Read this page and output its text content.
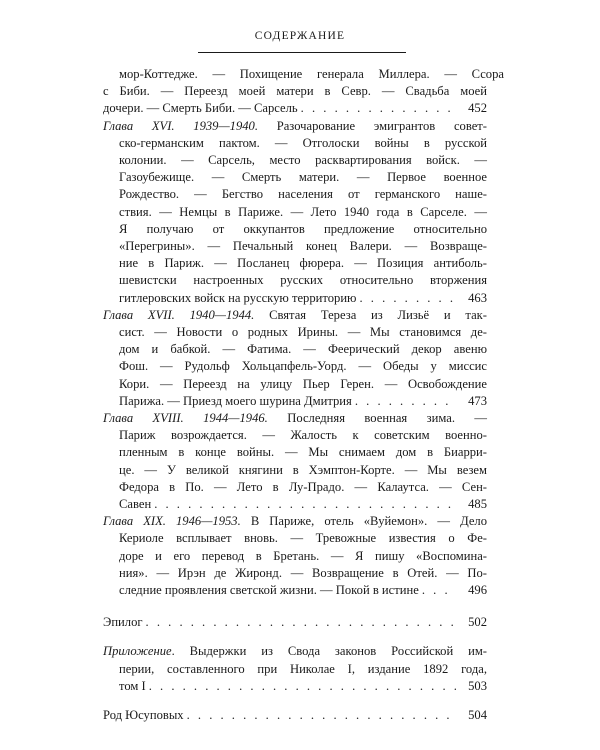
СОДЕРЖАНИЕ
мор-Коттедже. — Похищение генерала Миллера. — Ссора
с Биби. — Переезд моей матери в Севр. — Свадьба моей
дочери. — Смерть Биби. — Сарсель . . .	452
Глава XVI. 1939—1940. Разочарование эмигрантов совет-
ско-германским пактом. — Отголоски войны в русской
колонии. — Сарсель, место расквартирования войск. —
Газоубежище. — Смерть матери. — Первое военное
Рождество. — Бегство населения от германского наше-
ствия. — Немцы в Париже. — Лето 1940 года в Сарселе. —
Я получаю от оккупантов предложение относительно
«Перегрины». — Печальный конец Валери. — Возвраще-
ние в Париж. — Посланец фюрера. — Позиция антиболь-
шевистски настроенных русских относительно вторжения
гитлеровских войск на русскую территорию . . .	463
Глава XVII. 1940—1944. Святая Тереза из Лизьё и так-
сист. — Новости о родных Ирины. — Мы становимся де-
дом и бабкой. — Фатима. — Феерический декор авеню
Фош. — Рудольф Хольцапфель-Уорд. — Обеды у миссис
Кори. — Переезд на улицу Пьер Герен. — Освобождение
Парижа. — Приезд моего шурина Дмитрия . . .	473
Глава XVIII. 1944—1946. Последняя военная зима. —
Париж возрождается. — Жалость к советским военно-
пленным в конце войны. — Мы снимаем дом в Биарри-
це. — У великой княгини в Хэмптон-Корте. — Мы везем
Федора в По. — Лето в Лу-Прадо. — Калаутса. — Сен-
Савен . . .	485
Глава XIX. 1946—1953. В Париже, отель «Вуйемон». — Дело
Кериоле всплывает вновь. — Тревожные известия о Фе-
доре и его перевод в Бретань. — Я пишу «Воспомина-
ния». — Ирэн де Жиронд. — Возвращение в Отей. — По-
следние проявления светской жизни. — Покой в истине . . .	496
Эпилог . . .	502
Приложение. Выдержки из Свода законов Российской им-
перии, составленного при Николае I, издание 1892 года,
том I . . .	503
Род Юсуповых . . .	504
